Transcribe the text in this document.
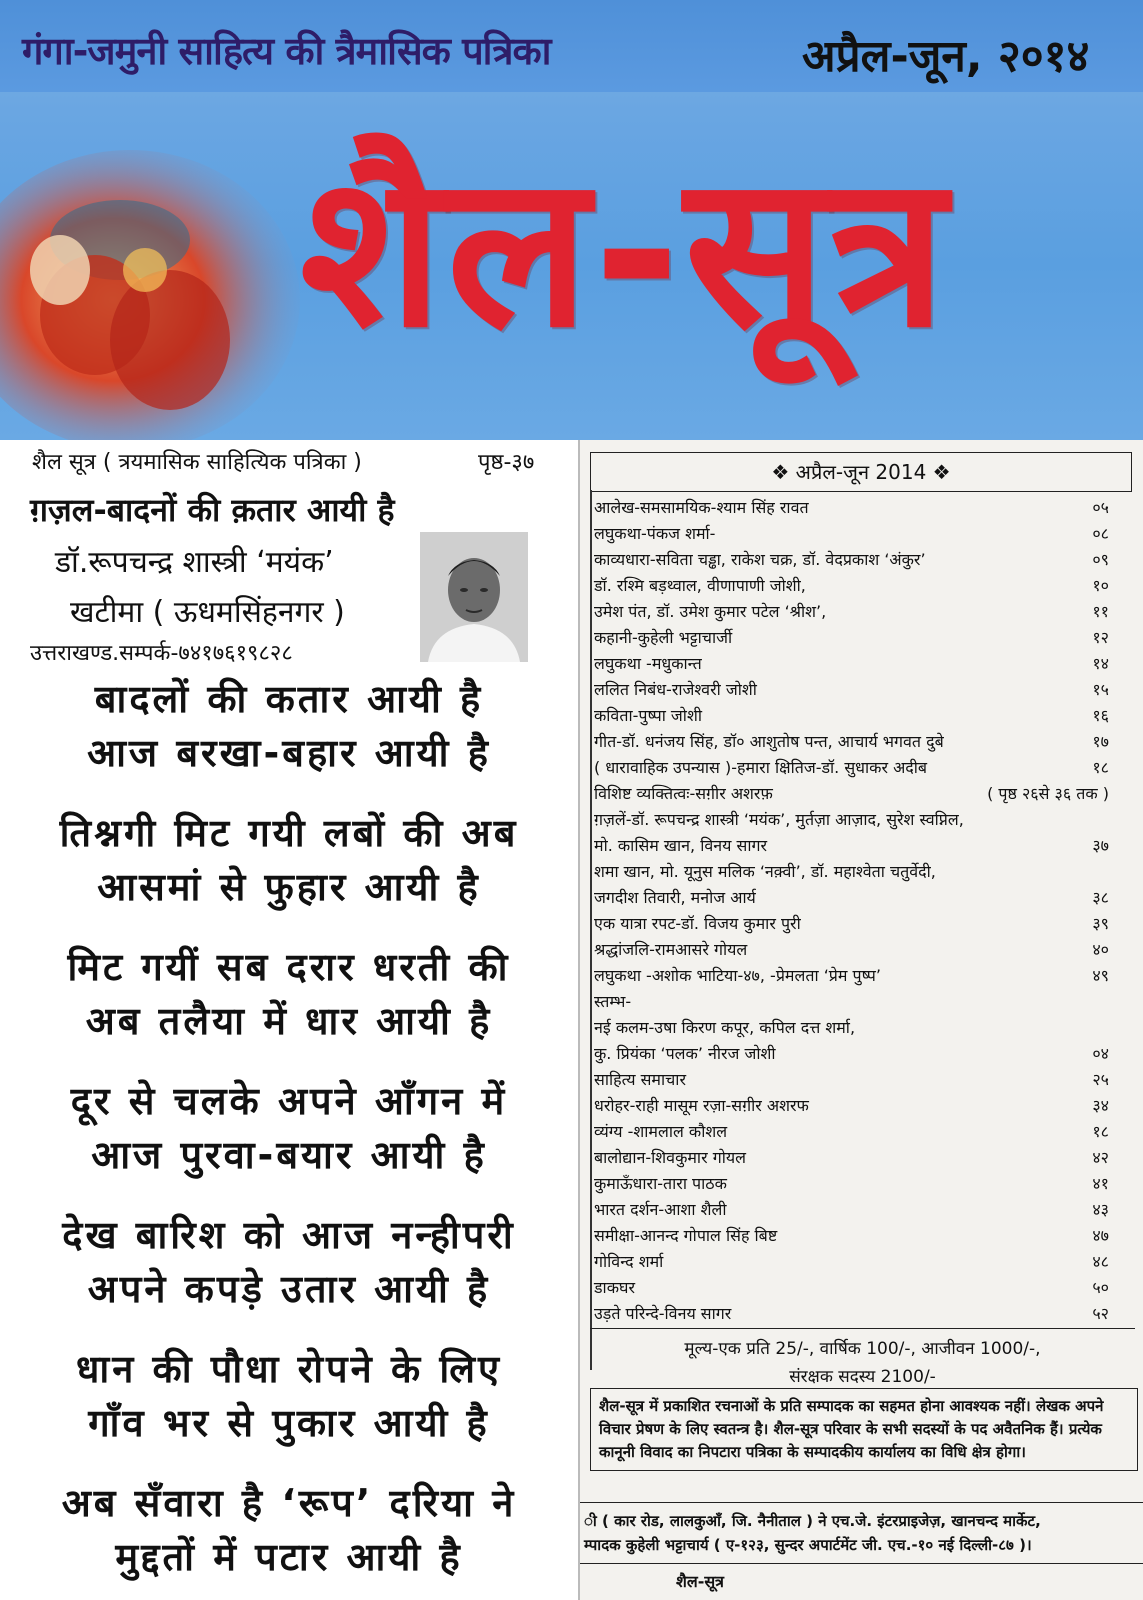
गंगा-जमुनी साहित्य की त्रैमासिक पत्रिका	अप्रैल-जून, २०१४
शैल-सूत्र
शैल सूत्र ( त्रयमासिक साहित्यिक पत्रिका )	पृष्ठ-३७
ग़ज़ल-बादनों की क़तार आयी है
डॉ.रूपचन्द्र शास्त्री ‘मयंक’
खटीमा ( ऊधमसिंहनगर )
उत्तराखण्ड.सम्पर्क-७४१७६१९८२८
बादलों की कतार आयी है
आज बरखा-बहार आयी है
तिश्नगी मिट गयी लबों की अब
आसमां से फुहार आयी है
मिट गयीं सब दरार धरती की
अब तलैया में धार आयी है
दूर से चलके अपने आँगन में
आज पुरवा-बयार आयी है
देख बारिश को आज नन्हीपरी
अपने कपड़े उतार आयी है
धान की पौधा रोपने के लिए
गाँव भर से पुकार आयी है
अब सँवारा है ‘रूप’ दरिया ने
मुद्दतों में पटार आयी है
❖ अप्रैल-जून 2014 ❖
आलेख-समसामयिक-श्याम सिंह रावत	०५
लघुकथा-पंकज शर्मा-	०८
काव्यधारा-सविता चड्ढा, राकेश चक्र, डॉ. वेदप्रकाश ‘अंकुर’	०९
डॉ. रश्मि बड़थ्वाल, वीणापाणी जोशी,	१०
उमेश पंत, डॉ. उमेश कुमार पटेल ‘श्रीश’,	११
कहानी-कुहेली भट्टाचार्जी	१२
लघुकथा -मधुकान्त	१४
ललित निबंध-राजेश्वरी जोशी	१५
कविता-पुष्पा जोशी	१६
गीत-डॉ. धनंजय सिंह, डॉ० आशुतोष पन्त, आचार्य भगवत दुबे	१७
( धारावाहिक उपन्यास )-हमारा क्षितिज-डॉ. सुधाकर अदीब	१८
विशिष्ट व्यक्तित्वः-सग़ीर अशरफ़	( पृष्ठ २६से ३६ तक )
ग़ज़लें-डॉ. रूपचन्द्र शास्त्री ‘मयंक’, मुर्तज़ा आज़ाद, सुरेश स्वप्निल,
मो. कासिम खान, विनय सागर	३७
शमा खान, मो. यूनुस मलिक ‘नक़्वी’, डॉ. महाश्वेता चतुर्वेदी,
जगदीश तिवारी, मनोज आर्य	३८
एक यात्रा रपट-डॉ. विजय कुमार पुरी	३९
श्रद्धांजलि-रामआसरे गोयल	४०
लघुकथा -अशोक भाटिया-४७, -प्रेमलता ‘प्रेम पुष्प’	४९
स्तम्भ-
नई कलम-उषा किरण कपूर, कपिल दत्त शर्मा,
कु. प्रियंका ‘पलक’ नीरज जोशी	०४
साहित्य समाचार	२५
धरोहर-राही मासूम रज़ा-सग़ीर अशरफ	३४
व्यंग्य -शामलाल कौशल	१८
बालोद्यान-शिवकुमार गोयल	४२
कुमाऊँधारा-तारा पाठक	४१
भारत दर्शन-आशा शैली	४३
समीक्षा-आनन्द गोपाल सिंह बिष्ट	४७
गोविन्द शर्मा	४८
डाकघर	५०
उड़ते परिन्दे-विनय सागर	५२
मूल्य-एक प्रति 25/-, वार्षिक 100/-, आजीवन 1000/-,
संरक्षक सदस्य 2100/-
शैल-सूत्र में प्रकाशित रचनाओं के प्रति सम्पादक का सहमत होना आवश्यक नहीं। लेखक अपने विचार प्रेषण के लिए स्वतन्त्र है। शैल-सूत्र परिवार के सभी सदस्यों के पद अवैतनिक हैं। प्रत्येक कानूनी विवाद का निपटारा पत्रिका के सम्पादकीय कार्यालय का विधि क्षेत्र होगा।
ी ( कार रोड, लालकुआँ, जि. नैनीताल ) ने एच.जे. इंटरप्राइजेज़, खानचन्द मार्केट,
म्पादक कुहेली भट्टाचार्य ( ए-१२३, सुन्दर अपार्टमेंट जी. एच.-१० नई दिल्ली-८७ )।
शैल-सूत्र
